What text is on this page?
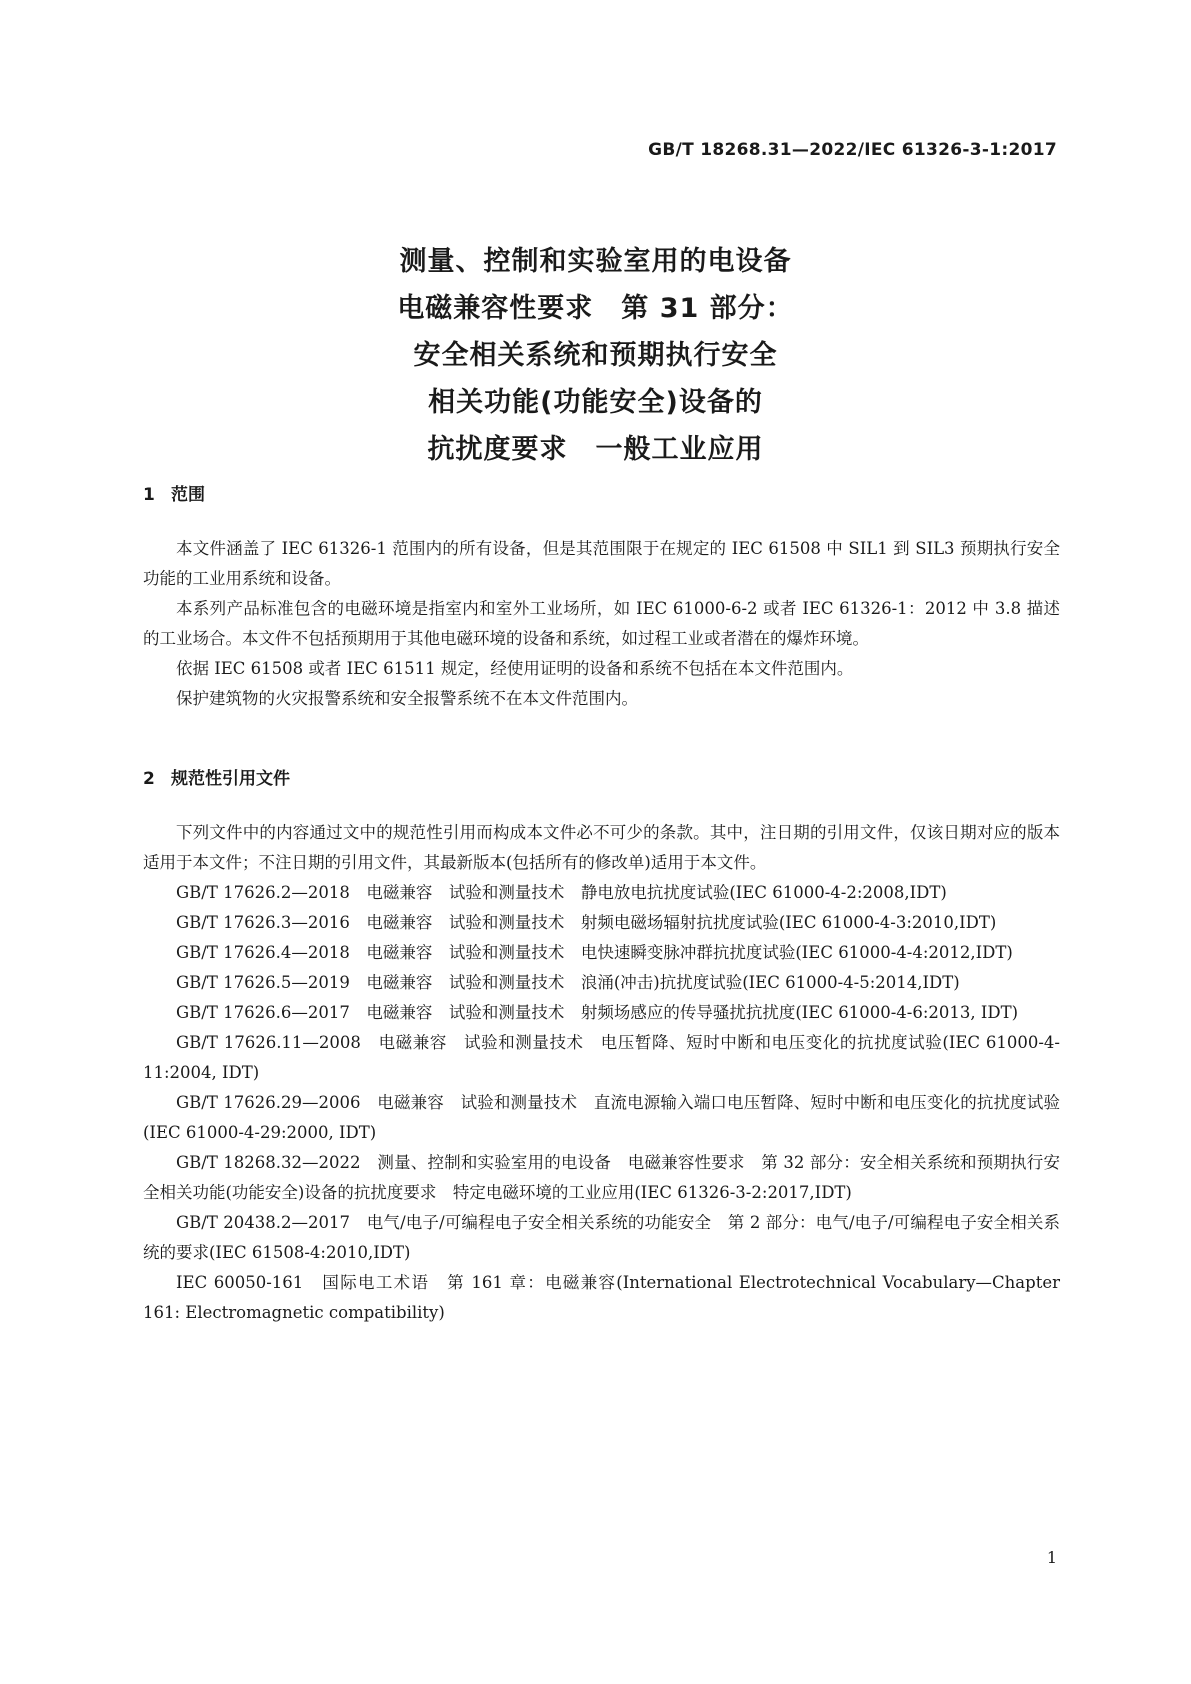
GB/T 18268.31—2022/IEC 61326-3-1:2017
测量、控制和实验室用的电设备
电磁兼容性要求　第 31 部分：
安全相关系统和预期执行安全
相关功能(功能安全)设备的
抗扰度要求　一般工业应用
1 范围

本文件涵盖了 IEC 61326-1 范围内的所有设备，但是其范围限于在规定的 IEC 61508 中 SIL1 到 SIL3 预期执行安全功能的工业用系统和设备。

本系列产品标准包含的电磁环境是指室内和室外工业场所，如 IEC 61000-6-2 或者 IEC 61326-1：2012 中 3.8 描述的工业场合。本文件不包括预期用于其他电磁环境的设备和系统，如过程工业或者潜在的爆炸环境。

依据 IEC 61508 或者 IEC 61511 规定，经使用证明的设备和系统不包括在本文件范围内。

保护建筑物的火灾报警系统和安全报警系统不在本文件范围内。

2 规范性引用文件

下列文件中的内容通过文中的规范性引用而构成本文件必不可少的条款。其中，注日期的引用文件，仅该日期对应的版本适用于本文件；不注日期的引用文件，其最新版本(包括所有的修改单)适用于本文件。

GB/T 17626.2—2018　电磁兼容　试验和测量技术　静电放电抗扰度试验(IEC 61000-4-2:2008,IDT)

GB/T 17626.3—2016　电磁兼容　试验和测量技术　射频电磁场辐射抗扰度试验(IEC 61000-4-3:2010,IDT)

GB/T 17626.4—2018　电磁兼容　试验和测量技术　电快速瞬变脉冲群抗扰度试验(IEC 61000-4-4:2012,IDT)

GB/T 17626.5—2019　电磁兼容　试验和测量技术　浪涌(冲击)抗扰度试验(IEC 61000-4-5:2014,IDT)

GB/T 17626.6—2017　电磁兼容　试验和测量技术　射频场感应的传导骚扰抗扰度(IEC 61000-4-6:2013, IDT)

GB/T 17626.11—2008　电磁兼容　试验和测量技术　电压暂降、短时中断和电压变化的抗扰度试验(IEC 61000-4-11:2004, IDT)

GB/T 17626.29—2006　电磁兼容　试验和测量技术　直流电源输入端口电压暂降、短时中断和电压变化的抗扰度试验(IEC 61000-4-29:2000, IDT)

GB/T 18268.32—2022　测量、控制和实验室用的电设备　电磁兼容性要求　第 32 部分：安全相关系统和预期执行安全相关功能(功能安全)设备的抗扰度要求　特定电磁环境的工业应用(IEC 61326-3-2:2017,IDT)

GB/T 20438.2—2017　电气/电子/可编程电子安全相关系统的功能安全　第 2 部分：电气/电子/可编程电子安全相关系统的要求(IEC 61508-4:2010,IDT)

IEC 60050-161　国际电工术语　第 161 章：电磁兼容(International Electrotechnical Vocabulary—Chapter 161: Electromagnetic compatibility)

1
